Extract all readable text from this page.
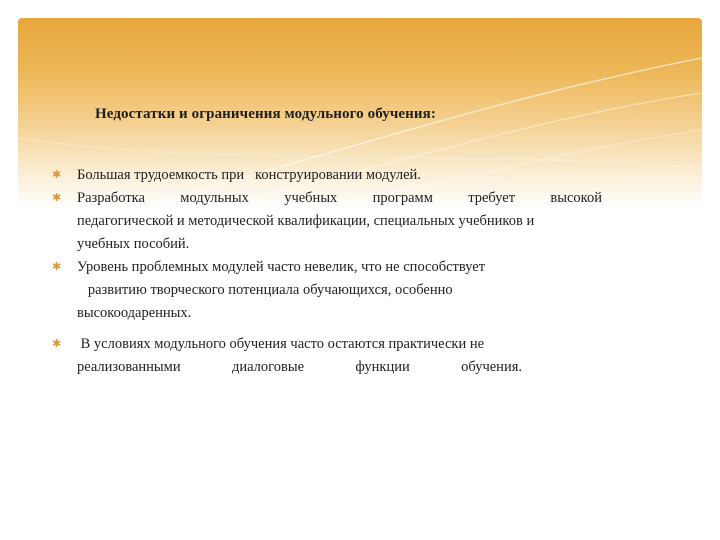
Недостатки и ограничения модульного обучения:
✱ Большая трудоемкость при   конструировании модулей.
✱ Разработка модульных учебных программ требует высокой
педагогической и методической квалификации, специальных учебников и
учебных пособий.
✱ Уровень проблемных модулей часто невелик, что не способствует
развитию творческого потенциала обучающихся, особенно
высокоодаренных.
✱ В условиях модульного обучения часто остаются практически не
реализованными диалоговые функции обучения.
